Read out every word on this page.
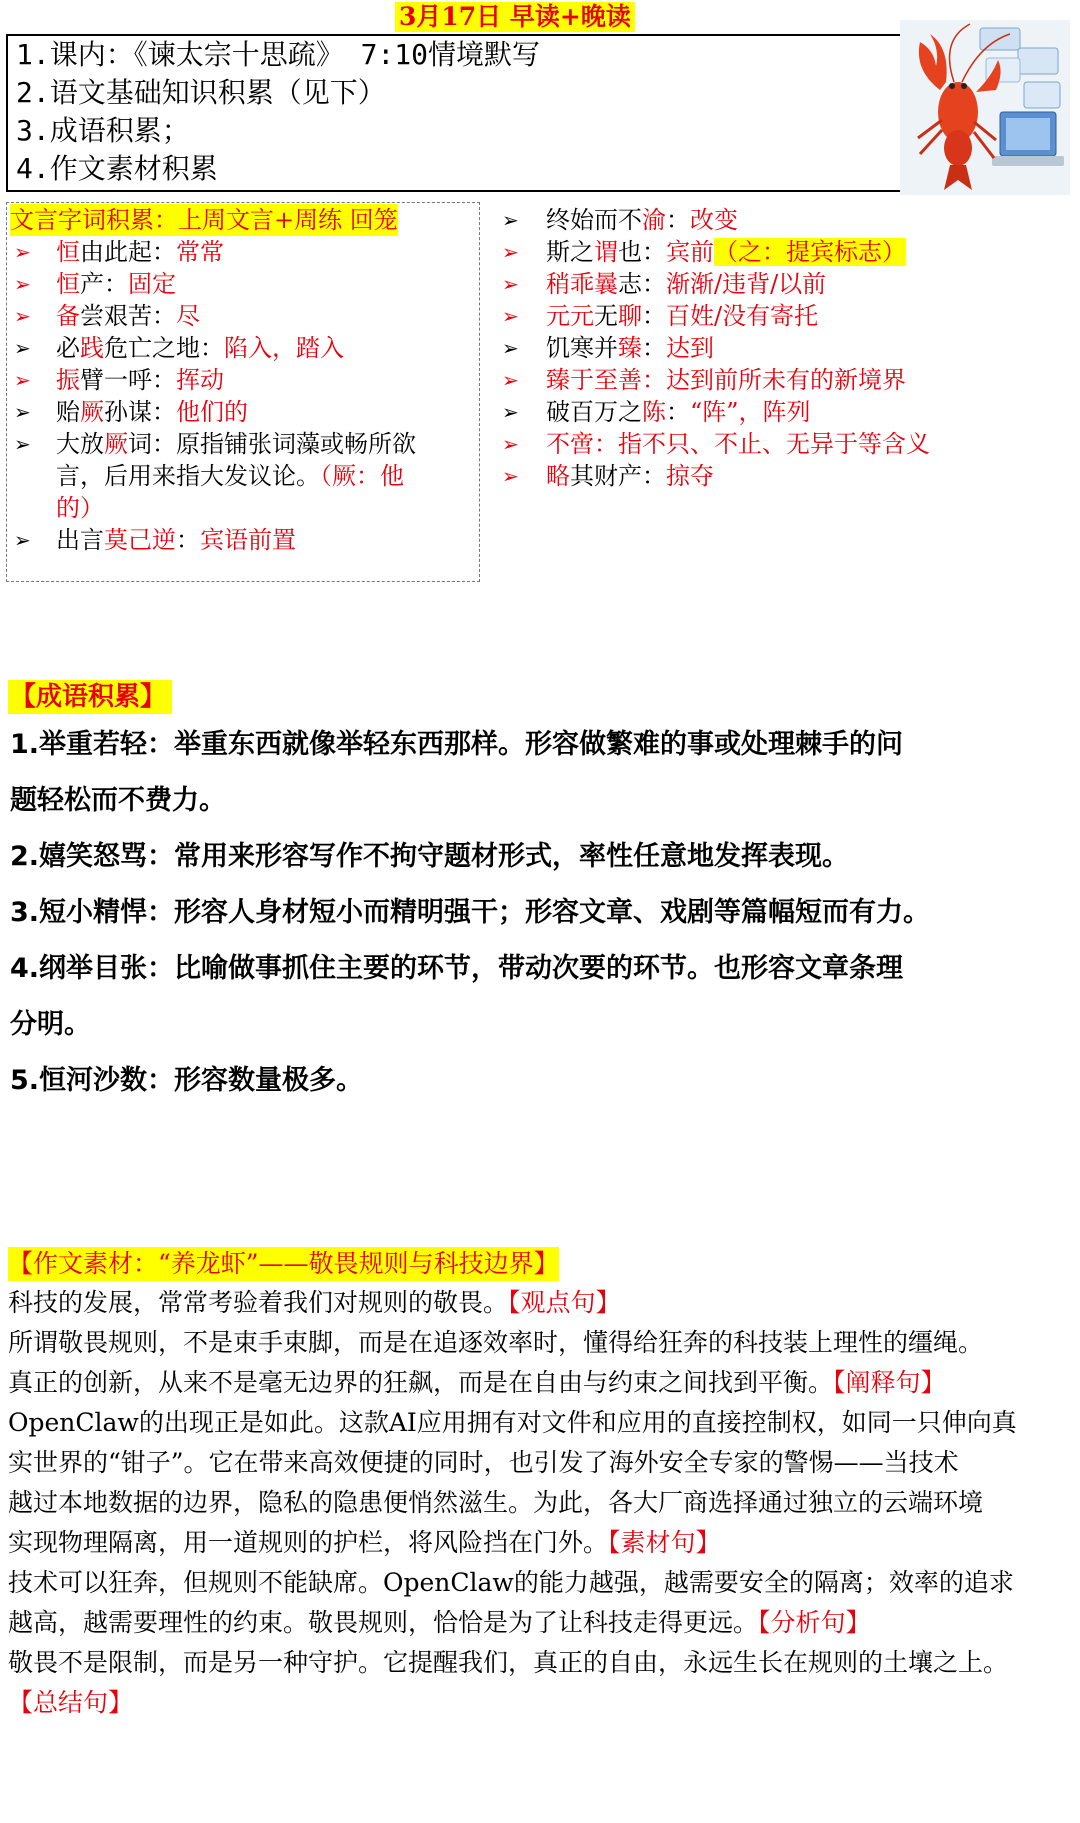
3月17日 早读+晚读
1.课内：《谏太宗十思疏》 7:10情境默写
2.语文基础知识积累（见下）
3.成语积累；
4.作文素材积累
文言字词积累：上周文言+周练 回笼
➢ 恒由此起：常常
➢ 恒产：固定
➢ 备尝艰苦：尽
➢ 必践危亡之地：陷入，踏入
➢ 振臂一呼：挥动
➢ 贻厥孙谋：他们的
➢ 大放厥词：原指铺张词藻或畅所欲
言，后用来指大发议论。（厥：他
的）
➢ 出言莫己逆：宾语前置
➢ 终始而不渝：改变
➢ 斯之谓也：宾前（之：提宾标志）
➢ 稍乖曩志：渐渐/违背/以前
➢ 元元无聊：百姓/没有寄托
➢ 饥寒并臻：达到
➢ 臻于至善：达到前所未有的新境界
➢ 破百万之陈：“阵”，阵列
➢ 不啻：指不只、不止、无异于等含义
➢ 略其财产：掠夺
【成语积累】
1.举重若轻：举重东西就像举轻东西那样。形容做繁难的事或处理棘手的问
题轻松而不费力。
2.嬉笑怒骂：常用来形容写作不拘守题材形式，率性任意地发挥表现。
3.短小精悍：形容人身材短小而精明强干；形容文章、戏剧等篇幅短而有力。
4.纲举目张：比喻做事抓住主要的环节，带动次要的环节。也形容文章条理
分明。
5.恒河沙数：形容数量极多。
【作文素材：“养龙虾”——敬畏规则与科技边界】
科技的发展，常常考验着我们对规则的敬畏。【观点句】
所谓敬畏规则，不是束手束脚，而是在追逐效率时，懂得给狂奔的科技装上理性的缰绳。
真正的创新，从来不是毫无边界的狂飙，而是在自由与约束之间找到平衡。【阐释句】
OpenClaw的出现正是如此。这款AI应用拥有对文件和应用的直接控制权，如同一只伸向真
实世界的“钳子”。它在带来高效便捷的同时，也引发了海外安全专家的警惕——当技术
越过本地数据的边界，隐私的隐患便悄然滋生。为此，各大厂商选择通过独立的云端环境
实现物理隔离，用一道规则的护栏，将风险挡在门外。【素材句】
技术可以狂奔，但规则不能缺席。OpenClaw的能力越强，越需要安全的隔离；效率的追求
越高，越需要理性的约束。敬畏规则，恰恰是为了让科技走得更远。【分析句】
敬畏不是限制，而是另一种守护。它提醒我们，真正的自由，永远生长在规则的土壤之上。
【总结句】
